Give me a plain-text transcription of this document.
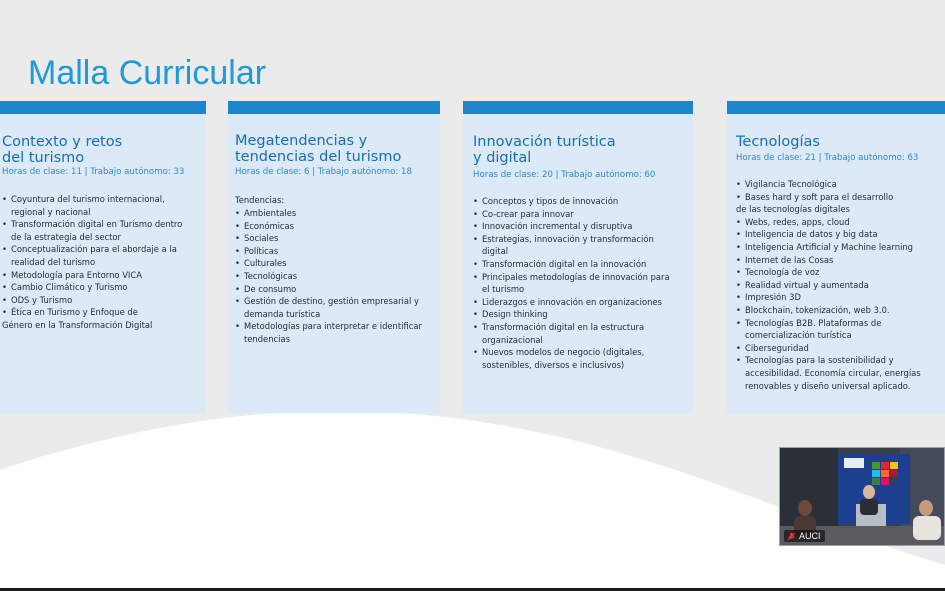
Malla Curricular
Contexto y retos
del turismo
Horas de clase: 11 | Trabajo autónomo: 33
• Coyuntura del turismo internacional,
regional y nacional
• Transformación digital en Turismo dentro
de la estrategia del sector
• Conceptualización para el abordaje a la
realidad del turismo
• Metodología para Entorno VICA
• Cambio Climático y Turismo
• ODS y Turismo
• Ética en Turismo y Enfoque de
Género en la Transformación Digital
Megatendencias y
tendencias del turismo
Horas de clase: 6 | Trabajo autónomo: 18
Tendencias:
• Ambientales
• Económicas
• Sociales
• Políticas
• Culturales
• Tecnológicas
• De consumo
• Gestión de destino, gestión empresarial y
demanda turística
• Metodologías para interpretar e identificar
tendencias
Innovación turística
y digital
Horas de clase: 20 | Trabajo autónomo: 60
• Conceptos y tipos de innovación
• Co-crear para innovar
• Innovación incremental y disruptiva
• Estrategias, innovación y transformación
digital
• Transformación digital en la innovación
• Principales metodologías de innovación para
el turismo
• Liderazgos e innovación en organizaciones
• Design thinking
• Transformación digital en la estructura
organizacional
• Nuevos modelos de negocio (digitales,
sostenibles, diversos e inclusivos)
Tecnologías
Horas de clase: 21 | Trabajo autónomo: 63
• Vigilancia Tecnológica
• Bases hard y soft para el desarrollo
de las tecnologías digitales
• Webs, redes, apps, cloud
• Inteligencia de datos y big data
• Inteligencia Artificial y Machine learning
• Internet de las Cosas
• Tecnología de voz
• Realidad virtual y aumentada
• Impresión 3D
• Blockchain, tokenización, web 3.0.
• Tecnologías B2B. Plataformas de
comercialización turística
• Ciberseguridad
• Tecnologías para la sostenibilidad y
accesibilidad. Economía circular, energías
renovables y diseño universal aplicado.
AUCI
